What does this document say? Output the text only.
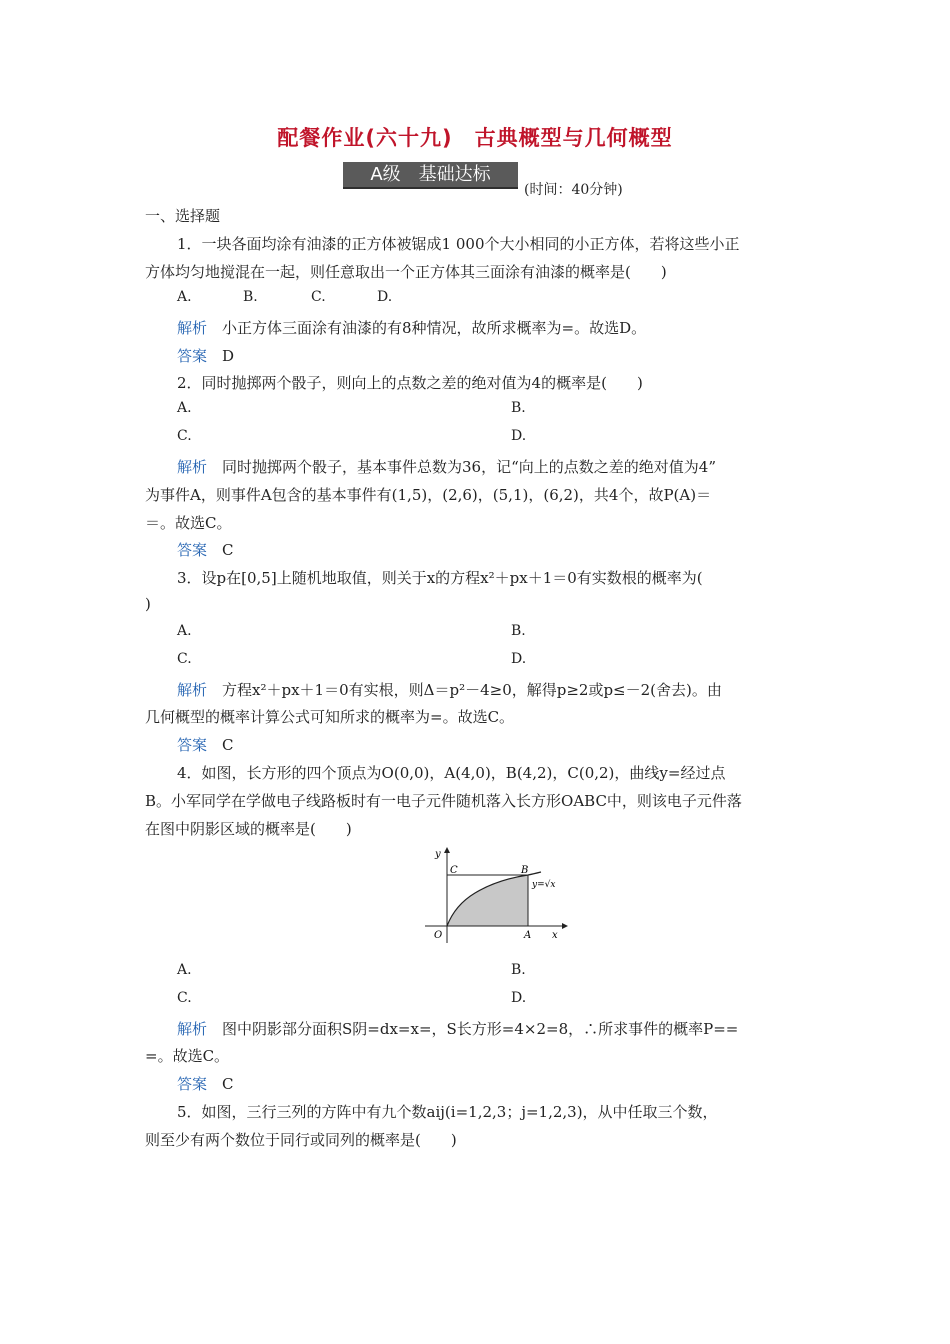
配餐作业(六十九) 古典概型与几何概型
A级　基础达标
(时间：40分钟)
一、选择题
1．一块各面均涂有油漆的正方体被锯成1 000个大小相同的小正方体，若将这些小正
方体均匀地搅混在一起，则任意取出一个正方体其三面涂有油漆的概率是(　　)
A.	B.	C.	D.
解析　小正方体三面涂有油漆的有8种情况，故所求概率为=。故选D。
答案　D
2．同时抛掷两个骰子，则向上的点数之差的绝对值为4的概率是(　　)
A.	B.
C.	D.
解析　同时抛掷两个骰子，基本事件总数为36，记“向上的点数之差的绝对值为4”
为事件A，则事件A包含的基本事件有(1,5)，(2,6)，(5,1)，(6,2)，共4个，故P(A)＝
＝。故选C。
答案　C
3．设p在[0,5]上随机地取值，则关于x的方程x²＋px＋1＝0有实数根的概率为(
)
A.	B.
C.	D.
解析　方程x²＋px＋1＝0有实根，则Δ＝p²－4≥0，解得p≥2或p≤－2(舍去)。由
几何概型的概率计算公式可知所求的概率为=。故选C。
答案　C
4．如图，长方形的四个顶点为O(0,0)，A(4,0)，B(4,2)，C(0,2)，曲线y=经过点
B。小军同学在学做电子线路板时有一电子元件随机落入长方形OABC中，则该电子元件落
在图中阴影区域的概率是(　　)
y
x
C	B
O	A
y=√x
A.	B.
C.	D.
解析　图中阴影部分面积S阴=dx=x=，S长方形=4×2=8，∴所求事件的概率P==
=。故选C。
答案　C
5．如图，三行三列的方阵中有九个数aij(i=1,2,3；j=1,2,3)，从中任取三个数，
则至少有两个数位于同行或同列的概率是(　　)
